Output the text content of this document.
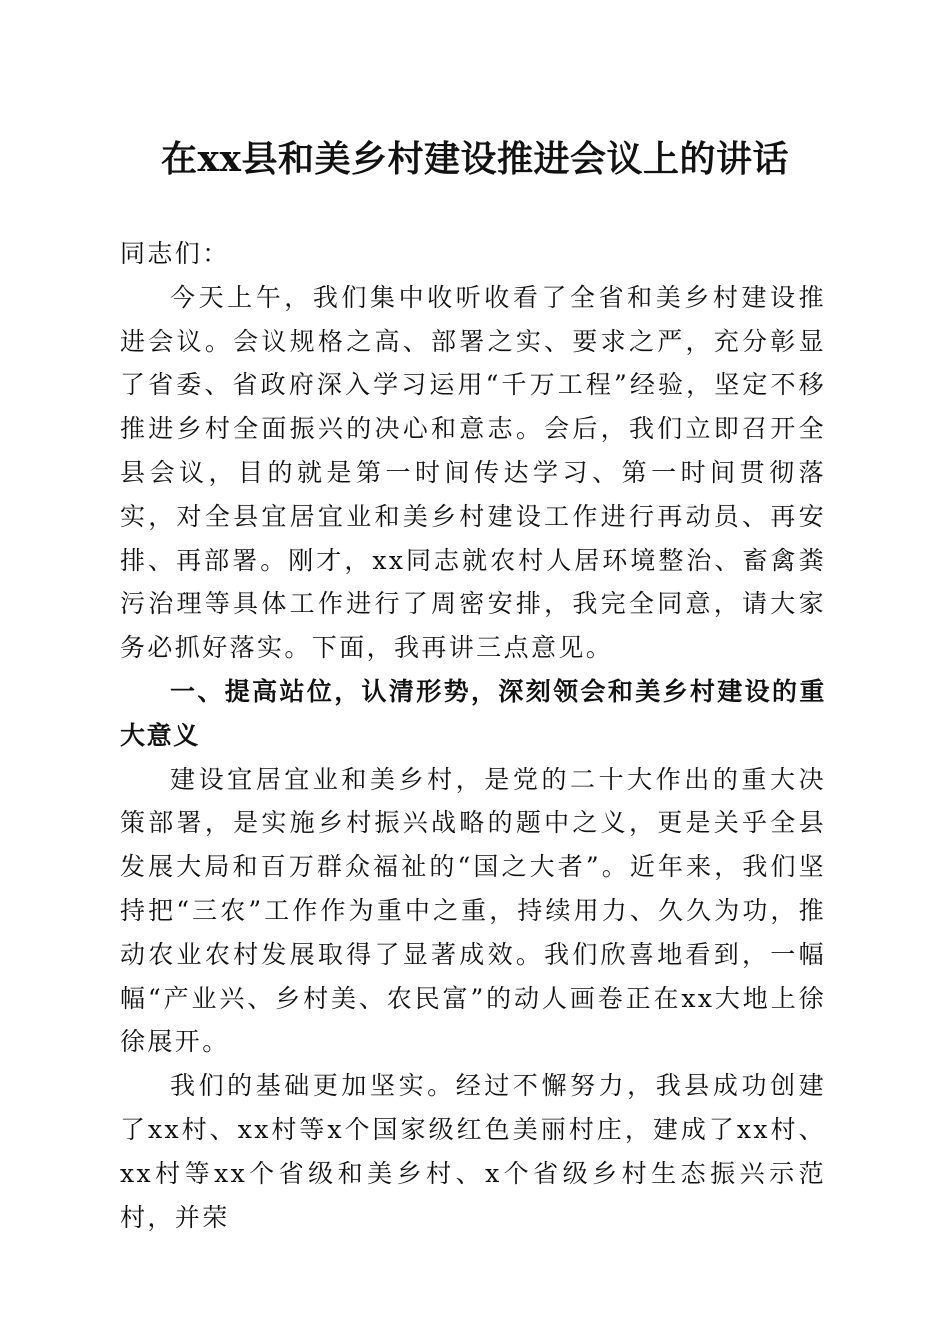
在xx县和美乡村建设推进会议上的讲话

同志们：

今天上午，我们集中收听收看了全省和美乡村建设推进会议。会议规格之高、部署之实、要求之严，充分彰显了省委、省政府深入学习运用“千万工程”经验，坚定不移推进乡村全面振兴的决心和意志。会后，我们立即召开全县会议，目的就是第一时间传达学习、第一时间贯彻落实，对全县宜居宜业和美乡村建设工作进行再动员、再安排、再部署。刚才，xx同志就农村人居环境整治、畜禽粪污治理等具体工作进行了周密安排，我完全同意，请大家务必抓好落实。下面，我再讲三点意见。

一、提高站位，认清形势，深刻领会和美乡村建设的重大意义

建设宜居宜业和美乡村，是党的二十大作出的重大决策部署，是实施乡村振兴战略的题中之义，更是关乎全县发展大局和百万群众福祉的“国之大者”。近年来，我们坚持把“三农”工作作为重中之重，持续用力、久久为功，推动农业农村发展取得了显著成效。我们欣喜地看到，一幅幅“产业兴、乡村美、农民富”的动人画卷正在xx大地上徐徐展开。

我们的基础更加坚实。经过不懈努力，我县成功创建了xx村、xx村等x个国家级红色美丽村庄，建成了xx村、xx村等xx个省级和美乡村、x个省级乡村生态振兴示范村，并荣
